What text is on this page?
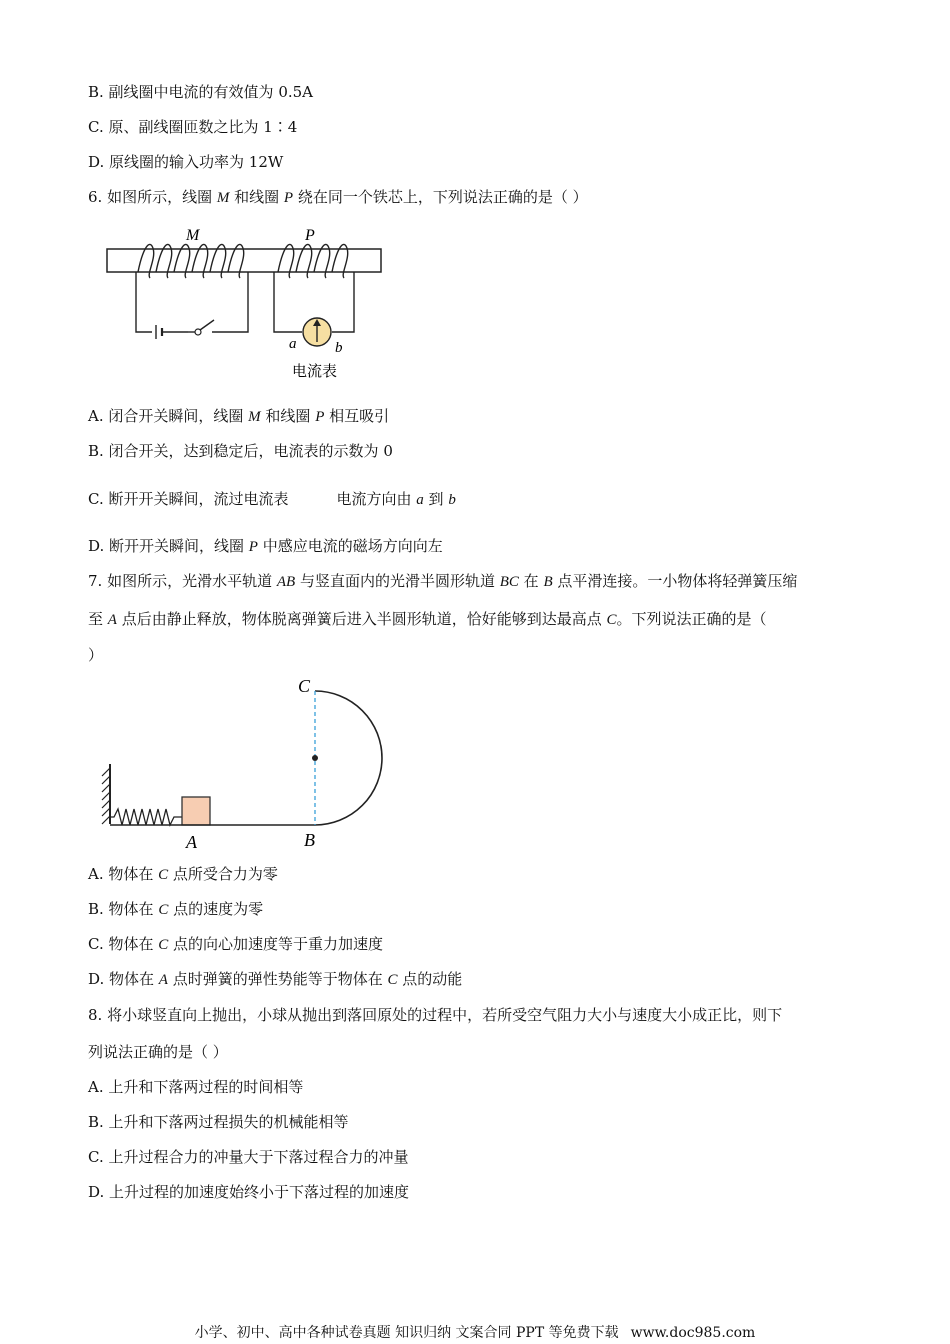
B. 副线圈中电流的有效值为 0.5A
C. 原、副线圈匝数之比为 1∶4
D. 原线圈的输入功率为 12W
6. 如图所示，线圈 M 和线圈 P 绕在同一个铁芯上，下列说法正确的是（ ）
M	P
a	b
电流表
A. 闭合开关瞬间，线圈 M 和线圈 P 相互吸引
B. 闭合开关，达到稳定后，电流表的示数为 0
C. 断开开关瞬间，流过电流表	电流方向由 a 到 b
D. 断开开关瞬间，线圈 P 中感应电流的磁场方向向左
7. 如图所示，光滑水平轨道 AB 与竖直面内的光滑半圆形轨道 BC 在 B 点平滑连接。一小物体将轻弹簧压缩
至 A 点后由静止释放，物体脱离弹簧后进入半圆形轨道，恰好能够到达最高点 C。下列说法正确的是（
）
C
A	B
A. 物体在 C 点所受合力为零
B. 物体在 C 点的速度为零
C. 物体在 C 点的向心加速度等于重力加速度
D. 物体在 A 点时弹簧的弹性势能等于物体在 C 点的动能
8. 将小球竖直向上抛出，小球从抛出到落回原处的过程中，若所受空气阻力大小与速度大小成正比，则下
列说法正确的是（ ）
A. 上升和下落两过程的时间相等
B. 上升和下落两过程损失的机械能相等
C. 上升过程合力的冲量大于下落过程合力的冲量
D. 上升过程的加速度始终小于下落过程的加速度
小学、初中、高中各种试卷真题 知识归纳 文案合同 PPT 等免费下载 www.doc985.com
